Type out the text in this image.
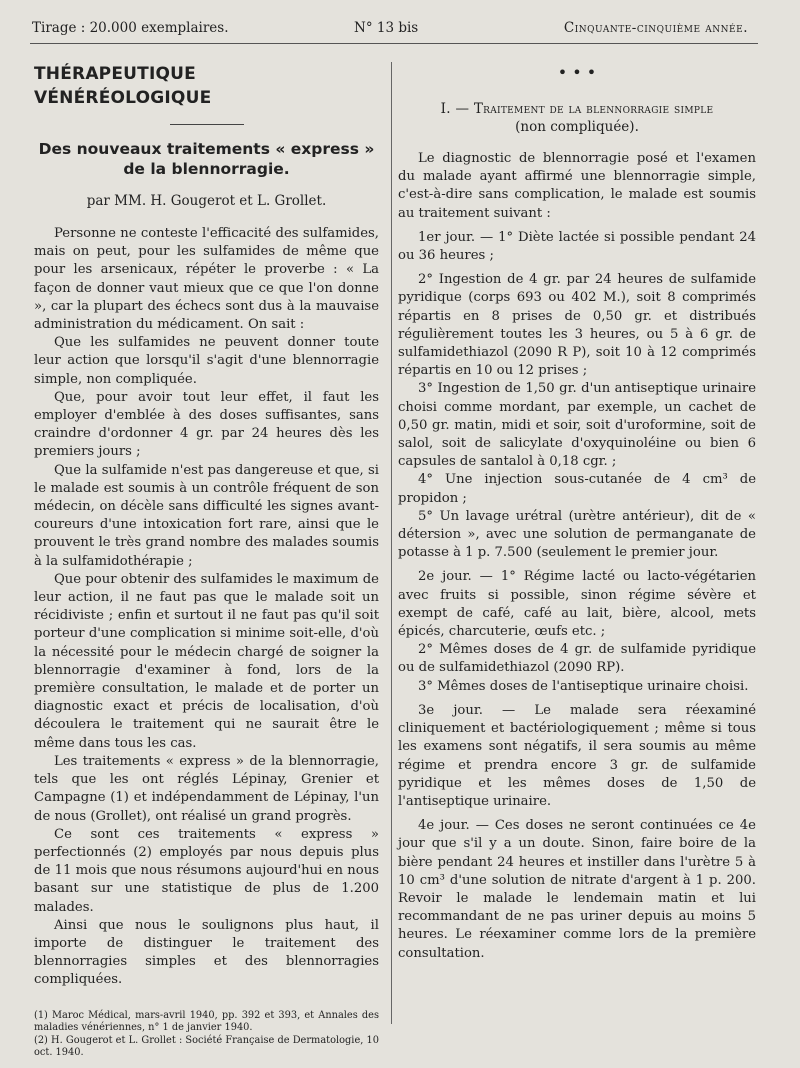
Tirage : 20.000 exemplaires.	N° 13 bis	Cinquante-cinquième année.
THÉRAPEUTIQUE VÉNÉRÉOLOGIQUE

Des nouveaux traitements « express »
de la blennorragie.

par MM. H. Gougerot et L. Grollet.

Personne ne conteste l'efficacité des sulfamides, mais on peut, pour les sulfamides de même que pour les arsenicaux, répéter le proverbe : « La façon de donner vaut mieux que ce que l'on donne », car la plupart des échecs sont dus à la mauvaise administration du médicament. On sait :

Que les sulfamides ne peuvent donner toute leur action que lorsqu'il s'agit d'une blennorragie simple, non compliquée.

Que, pour avoir tout leur effet, il faut les employer d'emblée à des doses suffisantes, sans craindre d'ordonner 4 gr. par 24 heures dès les premiers jours ;

Que la sulfamide n'est pas dangereuse et que, si le malade est soumis à un contrôle fréquent de son médecin, on décèle sans difficulté les signes avant-coureurs d'une intoxication fort rare, ainsi que le prouvent le très grand nombre des malades soumis à la sulfamidothérapie ;

Que pour obtenir des sulfamides le maximum de leur action, il ne faut pas que le malade soit un récidiviste ; enfin et surtout il ne faut pas qu'il soit porteur d'une complication si minime soit-elle, d'où la nécessité pour le médecin chargé de soigner la blennorragie d'examiner à fond, lors de la première consultation, le malade et de porter un diagnostic exact et précis de localisation, d'où découlera le traitement qui ne saurait être le même dans tous les cas.

Les traitements « express » de la blennorragie, tels que les ont réglés Lépinay, Grenier et Campagne (1) et indépendamment de Lépinay, l'un de nous (Grollet), ont réalisé un grand progrès.

Ce sont ces traitements « express » perfectionnés (2) employés par nous depuis plus de 11 mois que nous résumons aujourd'hui en nous basant sur une statistique de plus de 1.200 malades.

Ainsi que nous le soulignons plus haut, il importe de distinguer le traitement des blennorragies simples et des blennorragies compliquées.

(1) Maroc Médical, mars-avril 1940, pp. 392 et 393, et Annales des maladies vénériennes, n° 1 de janvier 1940.

(2) H. Gougerot et L. Grollet : Société Française de Dermatologie, 10 oct. 1940.

• • •

I. — Traitement de la blennorragie simple
(non compliquée).

Le diagnostic de blennorragie posé et l'examen du malade ayant affirmé une blennorragie simple, c'est-à-dire sans complication, le malade est soumis au traitement suivant :

1er jour. — 1° Diète lactée si possible pendant 24 ou 36 heures ;

2° Ingestion de 4 gr. par 24 heures de sulfamide pyridique (corps 693 ou 402 M.), soit 8 comprimés répartis en 8 prises de 0,50 gr. et distribués régulièrement toutes les 3 heures, ou 5 à 6 gr. de sulfamidethiazol (2090 R P), soit 10 à 12 comprimés répartis en 10 ou 12 prises ;

3° Ingestion de 1,50 gr. d'un antiseptique urinaire choisi comme mordant, par exemple, un cachet de 0,50 gr. matin, midi et soir, soit d'uroformine, soit de salol, soit de salicylate d'oxyquinoléine ou bien 6 capsules de santalol à 0,18 cgr. ;

4° Une injection sous-cutanée de 4 cm³ de propidon ;

5° Un lavage urétral (urètre antérieur), dit de « détersion », avec une solution de permanganate de potasse à 1 p. 7.500 (seulement le premier jour.

2e jour. — 1° Régime lacté ou lacto-végétarien avec fruits si possible, sinon régime sévère et exempt de café, café au lait, bière, alcool, mets épicés, charcuterie, œufs etc. ;

2° Mêmes doses de 4 gr. de sulfamide pyridique ou de sulfamidethiazol (2090 RP).

3° Mêmes doses de l'antiseptique urinaire choisi.

3e jour. — Le malade sera réexaminé cliniquement et bactériologiquement ; même si tous les examens sont négatifs, il sera soumis au même régime et prendra encore 3 gr. de sulfamide pyridique et les mêmes doses de 1,50 de l'antiseptique urinaire.

4e jour. — Ces doses ne seront continuées ce 4e jour que s'il y a un doute. Sinon, faire boire de la bière pendant 24 heures et instiller dans l'urètre 5 à 10 cm³ d'une solution de nitrate d'argent à 1 p. 200. Revoir le malade le lendemain matin et lui recommandant de ne pas uriner depuis au moins 5 heures. Le réexaminer comme lors de la première consultation.
